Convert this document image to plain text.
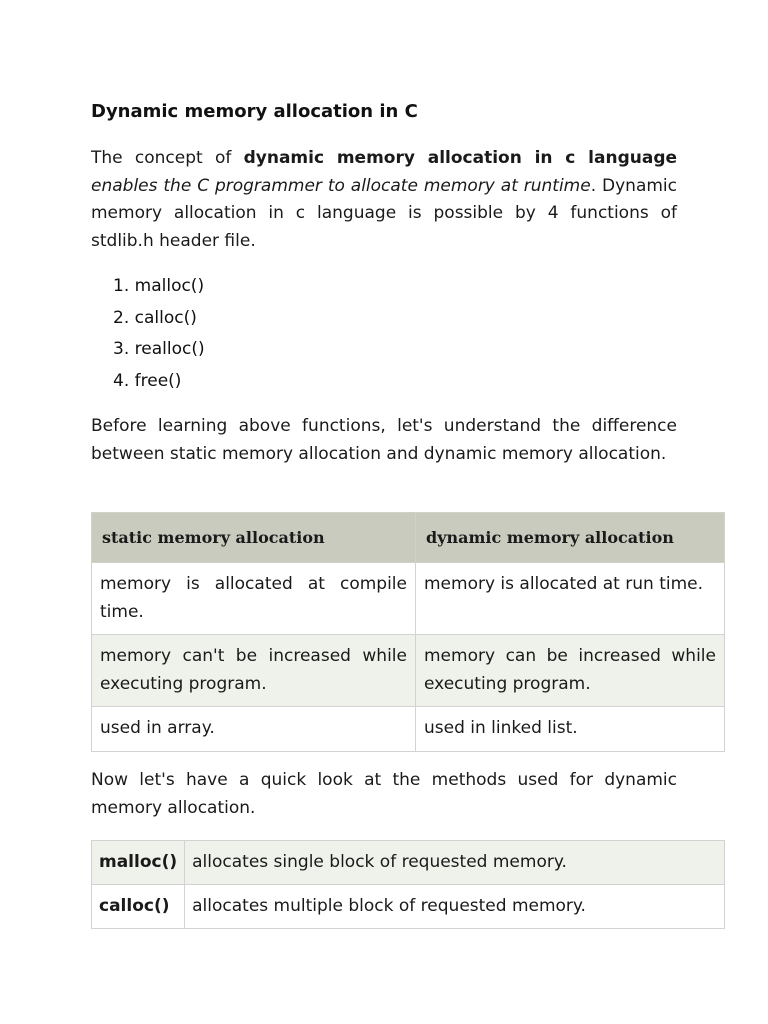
Dynamic memory allocation in C

The concept of dynamic memory allocation in c language enables the C programmer to allocate memory at runtime. Dynamic memory allocation in c language is possible by 4 functions of stdlib.h header file.

1. malloc()
2. calloc()
3. realloc()
4. free()

Before learning above functions, let's understand the difference between static memory allocation and dynamic memory allocation.

static memory allocation	dynamic memory allocation
memory is allocated at compile time.	memory is allocated at run time.
memory can't be increased while executing program.	memory can be increased while executing program.
used in array.	used in linked list.

Now let's have a quick look at the methods used for dynamic memory allocation.

malloc()	allocates single block of requested memory.
calloc()	allocates multiple block of requested memory.
